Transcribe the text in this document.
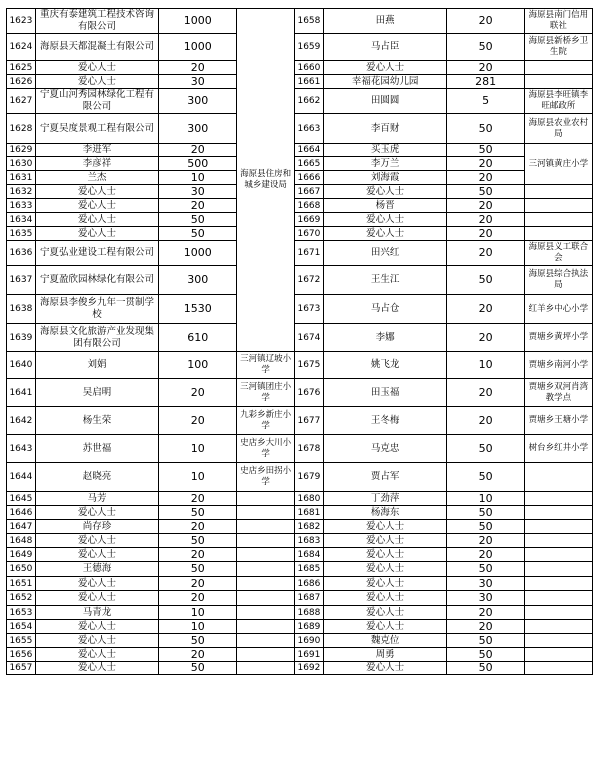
1623	重庆有泰建筑工程技术咨询有限公司	1000	海原县住房和城乡建设局	1658	田燕	20	海原县南门信用联社
1624	海原县天都混凝土有限公司	1000		1659	马占臣	50	海原县新桥乡卫生院
1625	爱心人士	20		1660	爱心人士	20	
1626	爱心人士	30		1661	幸福花园幼儿园	281	
1627	宁夏山河秀园林绿化工程有限公司	300		1662	田圆圆	5	海原县李旺镇李旺邮政所
1628	宁夏吴度景观工程有限公司	300		1663	李百财	50	海原县农业农村局
1629	李进军	20		1664	买玉虎	50	三河镇黄庄小学
1630	李彦祥	500		1665	李万兰	20	
1631	兰杰	10		1666	刘海霞	20	
1632	爱心人士	30		1667	爱心人士	50	
1633	爱心人士	20		1668	杨晋	20	
1634	爱心人士	50		1669	爱心人士	20	
1635	爱心人士	50		1670	爱心人士	20	
1636	宁夏弘业建设工程有限公司	1000		1671	田兴红	20	海原县义工联合会
1637	宁夏盈欣园林绿化有限公司	300		1672	王生江	50	海原县综合执法局
1638	海原县李俊乡九年一贯制学校	1530		1673	马占仓	20	红羊乡中心小学
1639	海原县文化旅游产业发现集团有限公司	610		1674	李娜	20	贾塘乡黄坪小学
1640	刘娟	100	三河镇辽坡小学	1675	姚飞龙	10	贾塘乡南河小学
1641	吴启明	20	三河镇团庄小学	1676	田玉福	20	贾塘乡双河肖湾教学点
1642	杨生荣	20	九彩乡新庄小学	1677	王冬梅	20	贾塘乡王塘小学
1643	苏世福	10	史店乡大川小学	1678	马克忠	50	树台乡红井小学
1644	赵晓亮	10	史店乡田拐小学	1679	贾占军	50	
1645	马芳	20		1680	丁劲萍	10	
1646	爱心人士	50		1681	杨海东	50	
1647	尚存珍	20		1682	爱心人士	50	
1648	爱心人士	50		1683	爱心人士	20	
1649	爱心人士	20		1684	爱心人士	20	
1650	王德海	50		1685	爱心人士	50	
1651	爱心人士	20		1686	爱心人士	30	
1652	爱心人士	20		1687	爱心人士	30	
1653	马青龙	10		1688	爱心人士	20	
1654	爱心人士	10		1689	爱心人士	20	
1655	爱心人士	50		1690	魏克位	50	
1656	爱心人士	20		1691	周勇	50	
1657	爱心人士	50		1692	爱心人士	50	
